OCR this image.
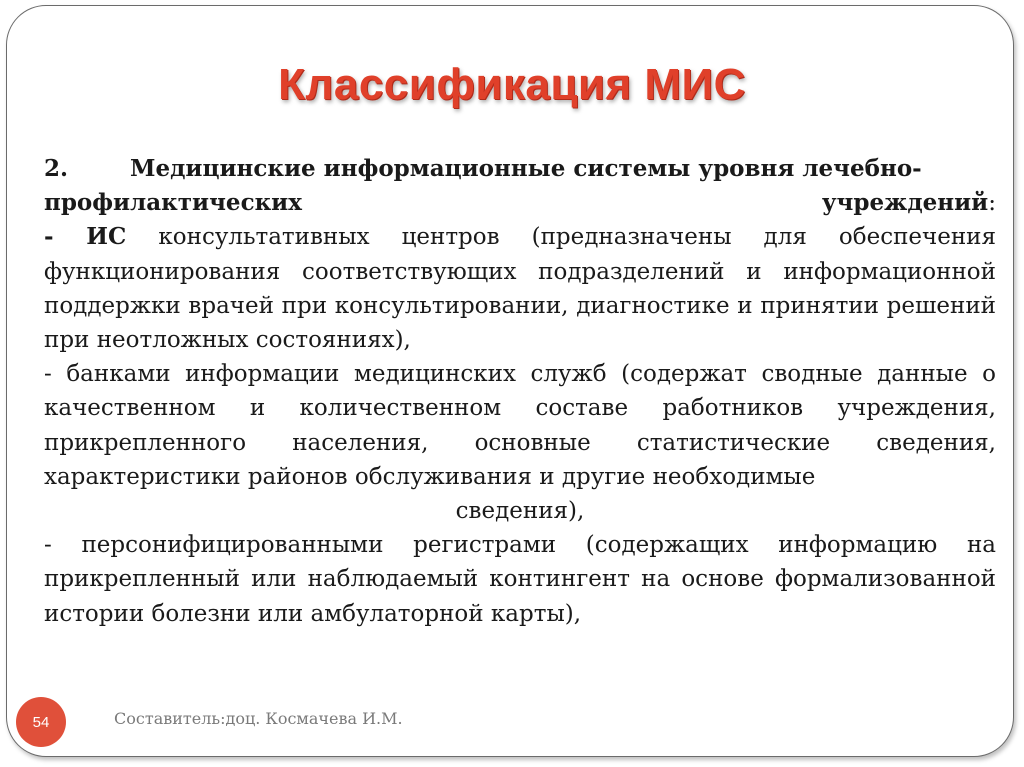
Классификация МИС

2.	Медицинские информационные системы уровня лечебно-

профилактических	учреждений:

- ИС консультативных центров (предназначены для обеспечения функционирования соответствующих подразделений и информационной поддержки врачей при консультировании, диагностике и принятии решений при неотложных состояниях),

- банками информации медицинских служб (содержат сводные данные о качественном и количественном составе работников учреждения, прикрепленного населения, основные статистические сведения, характеристики районов обслуживания и другие необходимые

сведения),

- персонифицированными регистрами (содержащих информацию на прикрепленный или наблюдаемый контингент на основе формализованной истории болезни или амбулаторной карты),

54	Составитель:доц. Космачева И.М.
